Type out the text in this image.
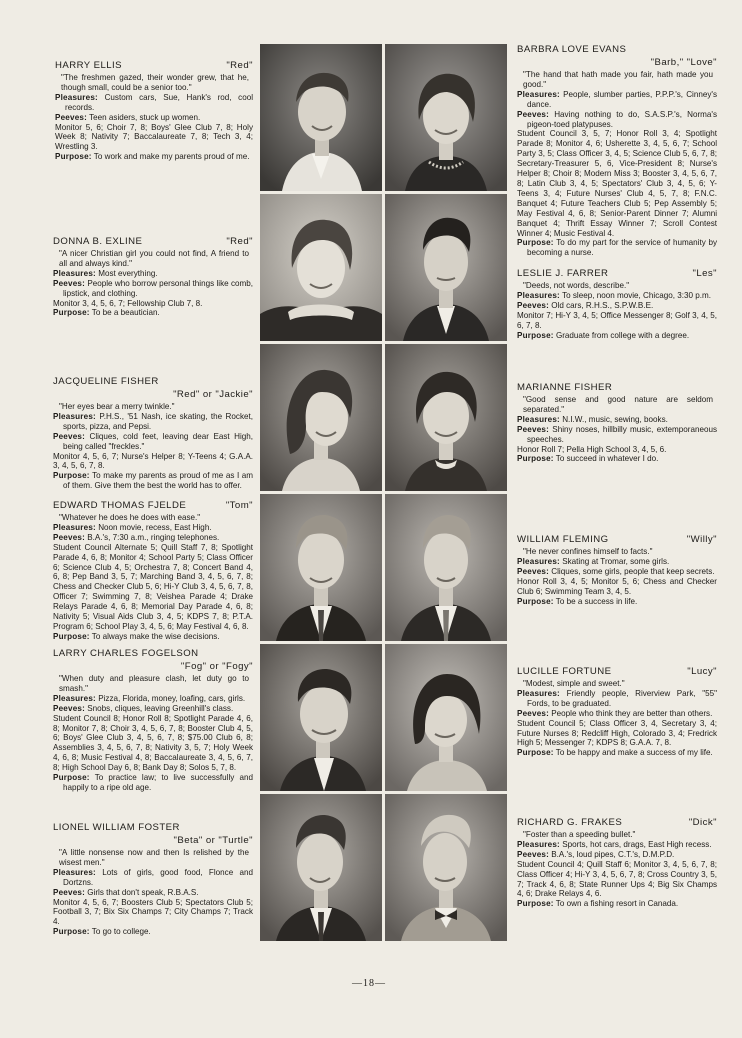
HARRY ELLIS	"Red"

"The freshmen gazed, their wonder grew, that he, though small, could be a senior too."

Pleasures: Custom cars, Sue, Hank's rod, cool records.

Peeves: Teen asiders, stuck up women.

Monitor 5, 6; Choir 7, 8; Boys' Glee Club 7, 8; Holy Week 8; Nativity 7; Baccalaureate 7, 8; Tech 3, 4; Wrestling 3.

Purpose: To work and make my parents proud of me.

DONNA B. EXLINE	"Red"

"A nicer Christian girl you could not find, A friend to all and always kind."

Pleasures: Most everything.

Peeves: People who borrow personal things like comb, lipstick, and clothing.

Monitor 3, 4, 5, 6, 7; Fellowship Club 7, 8.

Purpose: To be a beautician.

JACQUELINE FISHER
"Red" or "Jackie"

"Her eyes bear a merry twinkle."

Pleasures: P.H.S., '51 Nash, ice skating, the Rocket, sports, pizza, and Pepsi.

Peeves: Cliques, cold feet, leaving dear East High, being called "freckles."

Monitor 4, 5, 6, 7; Nurse's Helper 8; Y-Teens 4; G.A.A. 3, 4, 5, 6, 7, 8.

Purpose: To make my parents as proud of me as I am of them. Give them the best the world has to offer.

EDWARD THOMAS FJELDE	"Tom"

"Whatever he does he does with ease."

Pleasures: Noon movie, recess, East High.

Peeves: B.A.'s, 7:30 a.m., ringing telephones.

Student Council Alternate 5; Quill Staff 7, 8; Spotlight Parade 4, 6, 8; Monitor 4; School Party 5; Class Officer 6; Science Club 4, 5; Orchestra 7, 8; Concert Band 4, 6, 8; Pep Band 3, 5, 7; Marching Band 3, 4, 5, 6, 7, 8; Chess and Checker Club 5, 6; Hi-Y Club 3, 4, 5, 6, 7, 8, Officer 7; Swimming 7, 8; Veishea Parade 4; Drake Relays Parade 4, 6, 8; Memorial Day Parade 4, 6, 8; Nativity 5; Visual Aids Club 3, 4, 5; KDPS 7, 8; P.T.A. Program 6; School Play 3, 4, 5, 6; May Festival 4, 6, 8.

Purpose: To always make the wise decisions.

LARRY CHARLES FOGELSON
"Fog" or "Fogy"

"When duty and pleasure clash, let duty go to smash."

Pleasures: Pizza, Florida, money, loafing, cars, girls.

Peeves: Snobs, cliques, leaving Greenhill's class.

Student Council 8; Honor Roll 8; Spotlight Parade 4, 6, 8; Monitor 7, 8; Choir 3, 4, 5, 6, 7, 8; Booster Club 4, 5, 6; Boys' Glee Club 3, 4, 5, 6, 7, 8; $75.00 Club 6, 8; Assemblies 3, 4, 5, 6, 7, 8; Nativity 3, 5, 7; Holy Week 4, 6, 8; Music Festival 4, 8; Baccalaureate 3, 4, 5, 6, 7, 8; High School Day 6, 8; Bank Day 8; Solos 5, 7, 8.

Purpose: To practice law; to live successfully and happily to a ripe old age.

LIONEL WILLIAM FOSTER
"Beta" or "Turtle"

"A little nonsense now and then Is relished by the wisest men."

Pleasures: Lots of girls, good food, Flonce and Dortzns.

Peeves: Girls that don't speak, R.B.A.S.

Monitor 4, 5, 6, 7; Boosters Club 5; Spectators Club 5; Football 3, 7; Bix Six Champs 7; City Champs 7; Track 4.

Purpose: To go to college.

BARBRA LOVE EVANS
"Barb," "Love"

"The hand that hath made you fair, hath made you good."

Pleasures: People, slumber parties, P.P.P.'s, Cinney's dance.

Peeves: Having nothing to do, S.A.S.P.'s, Norma's pigeon-toed platypuses.

Student Council 3, 5, 7; Honor Roll 3, 4; Spotlight Parade 8; Monitor 4, 6; Usherette 3, 4, 5, 6, 7; School Party 3, 5; Class Officer 3, 4, 5; Science Club 5, 6, 7, 8; Secretary-Treasurer 5, 6, Vice-President 8; Nurse's Helper 8; Choir 8; Modern Miss 3; Booster 3, 4, 5, 6, 7, 8; Latin Club 3, 4, 5; Spectators' Club 3, 4, 5, 6; Y-Teens 3, 4; Future Nurses' Club 4, 5, 7, 8; F.N.C. Banquet 4; Future Teachers Club 5; Pep Assembly 5; May Festival 4, 6, 8; Senior-Parent Dinner 7; Alumni Banquet 4; Thrift Essay Winner 7; Scroll Contest Winner 4; Music Festival 4.

Purpose: To do my part for the service of humanity by becoming a nurse.

LESLIE J. FARRER	"Les"

"Deeds, not words, describe."

Pleasures: To sleep, noon movie, Chicago, 3:30 p.m.

Peeves: Old cars, R.H.S., S.P.W.B.E.

Monitor 7; Hi-Y 3, 4, 5; Office Messenger 8; Golf 3, 4, 5, 6, 7, 8.

Purpose: Graduate from college with a degree.

MARIANNE FISHER

"Good sense and good nature are seldom separated."

Pleasures: N.I.W., music, sewing, books.

Peeves: Shiny noses, hillbilly music, extemporaneous speeches.

Honor Roll 7; Pella High School 3, 4, 5, 6.

Purpose: To succeed in whatever I do.

WILLIAM FLEMING	"Willy"

"He never confines himself to facts."

Pleasures: Skating at Tromar, some girls.

Peeves: Cliques, some girls, people that keep secrets.

Honor Roll 3, 4, 5; Monitor 5, 6; Chess and Checker Club 6; Swimming Team 3, 4, 5.

Purpose: To be a success in life.

LUCILLE FORTUNE	"Lucy"

"Modest, simple and sweet."

Pleasures: Friendly people, Riverview Park, "55" Fords, to be graduated.

Peeves: People who think they are better than others.

Student Council 5; Class Officer 3, 4, Secretary 3, 4; Future Nurses 8; Redcliff High, Colorado 3, 4; Fredrick High 5; Messenger 7; KDPS 8; G.A.A. 7, 8.

Purpose: To be happy and make a success of my life.

RICHARD G. FRAKES	"Dick"

"Foster than a speeding bullet."

Pleasures: Sports, hot cars, drags, East High recess.

Peeves: B.A.'s, loud pipes, C.T.'s, D.M.P.D.

Student Council 4; Quill Staff 6; Monitor 3, 4, 5, 6, 7, 8; Class Officer 4; Hi-Y 3, 4, 5, 6, 7, 8; Cross Country 3, 5, 7; Track 4, 6, 8; State Runner Ups 4; Big Six Champs 4, 6; Drake Relays 4, 6.

Purpose: To own a fishing resort in Canada.

—18—
